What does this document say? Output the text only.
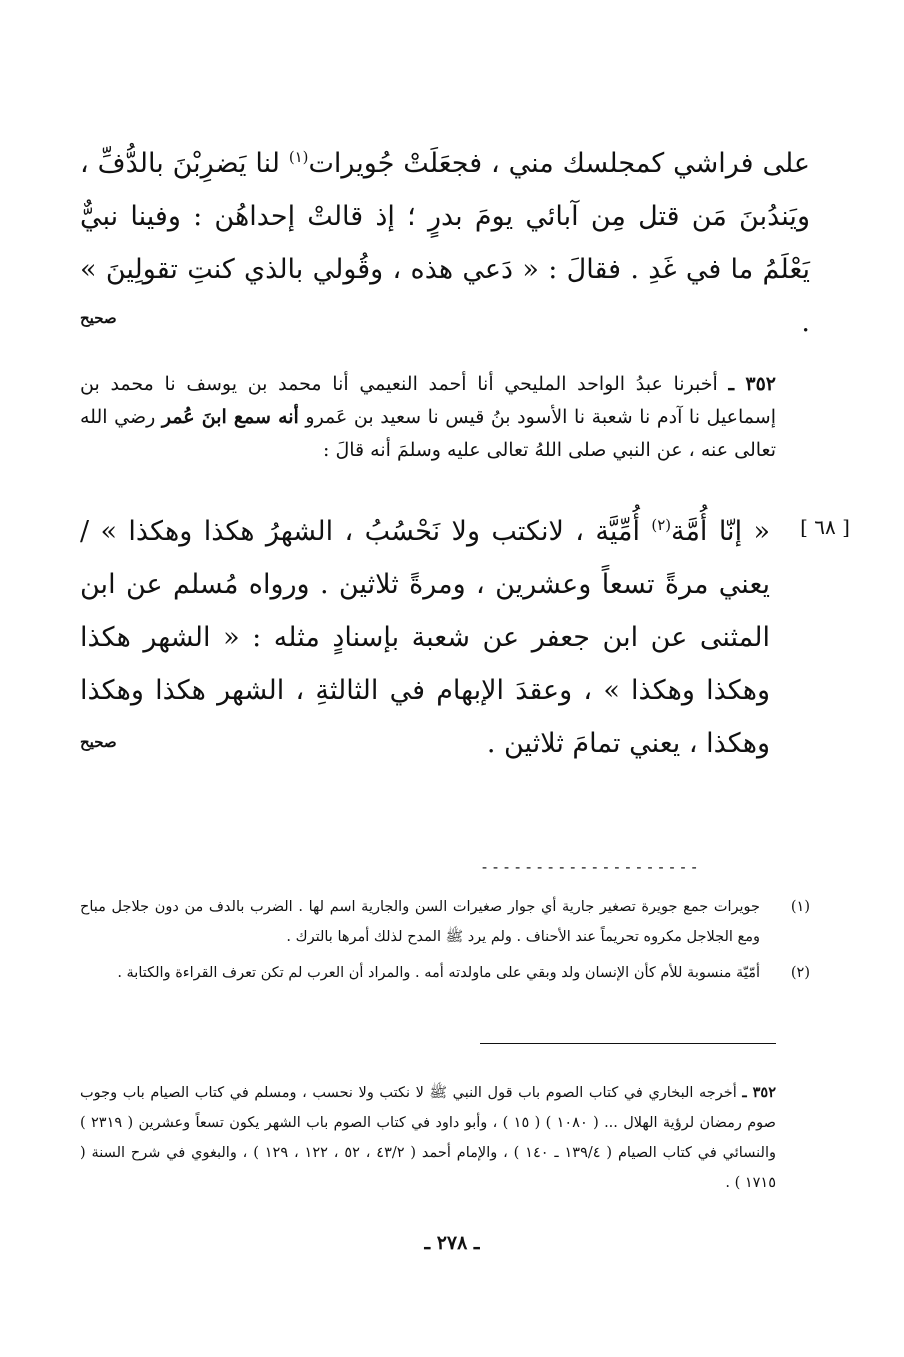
على فراشي كمجلسك مني ، فجعَلَتْ جُويرات$^{(١)}$ لنا يَضرِبْنَ بالدُّفِّ ، ويَندُبنَ مَن قتل مِن آبائي يومَ بدرٍ ؛ إذ قالتْ إحداهُن : وفينا نبيٌّ يَعْلَمُ ما في غَدِ . فقالَ : « دَعي هذه ، وقُولي بالذي كنتِ تقولِينَ » .
صحيح
٣٥٢ ـ أخبرنا عبدُ الواحد المليحي أنا أحمد النعيمي أنا محمد بن يوسف نا محمد بن إسماعيل نا آدم نا شعبة نا الأسود بنُ قيس نا سعيد بن عَمرو أنه سمع ابنَ عُمر رضي الله تعالى عنه ، عن النبي صلى اللهُ تعالى عليه وسلمَ أنه قالَ :
[ ٦٨ ]
« إنّا أُمَّة$^{(٢)}$ أُمِّيَّة ، لانكتب ولا نَحْسُبُ ، الشهرُ هكذا وهكذا » / يعني مرةً تسعاً وعشرين ، ومرةً ثلاثين . ورواه مُسلم عن ابن المثنى عن ابن جعفر عن شعبة بإسنادٍ مثله : « الشهر هكذا وهكذا وهكذا » ، وعقدَ الإبهام في الثالثةِ ، الشهر هكذا وهكذا وهكذا ، يعني تمامَ ثلاثين .
صحيح
--------------------
(١)
جويرات جمع جويرة تصغير جارية أي جوار صغيرات السن والجارية اسم لها . الضرب بالدف من دون جلاجل مباح ومع الجلاجل مكروه تحريماً عند الأحناف . ولم يرد ﷺ المدح لذلك أمرها بالترك .
(٢)
أمّيّة منسوبة للأم كأن الإنسان ولد وبقي على ماولدته أمه . والمراد أن العرب لم تكن تعرف القراءة والكتابة .
٣٥٢ ـ أخرجه البخاري في كتاب الصوم باب قول النبي ﷺ لا نكتب ولا نحسب ، ومسلم في كتاب الصيام باب وجوب صوم رمضان لرؤية الهلال ... ( ١٠٨٠ ) ( ١٥ ) ، وأبو داود في كتاب الصوم باب الشهر يكون تسعاً وعشرين ( ٢٣١٩ ) والنسائي في كتاب الصيام ( ١٣٩/٤ ـ ١٤٠ ) ، والإمام أحمد ( ٤٣/٢ ، ٥٢ ، ١٢٢ ، ١٢٩ ) ، والبغوي في شرح السنة ( ١٧١٥ ) .
ـ ٢٧٨ ـ
